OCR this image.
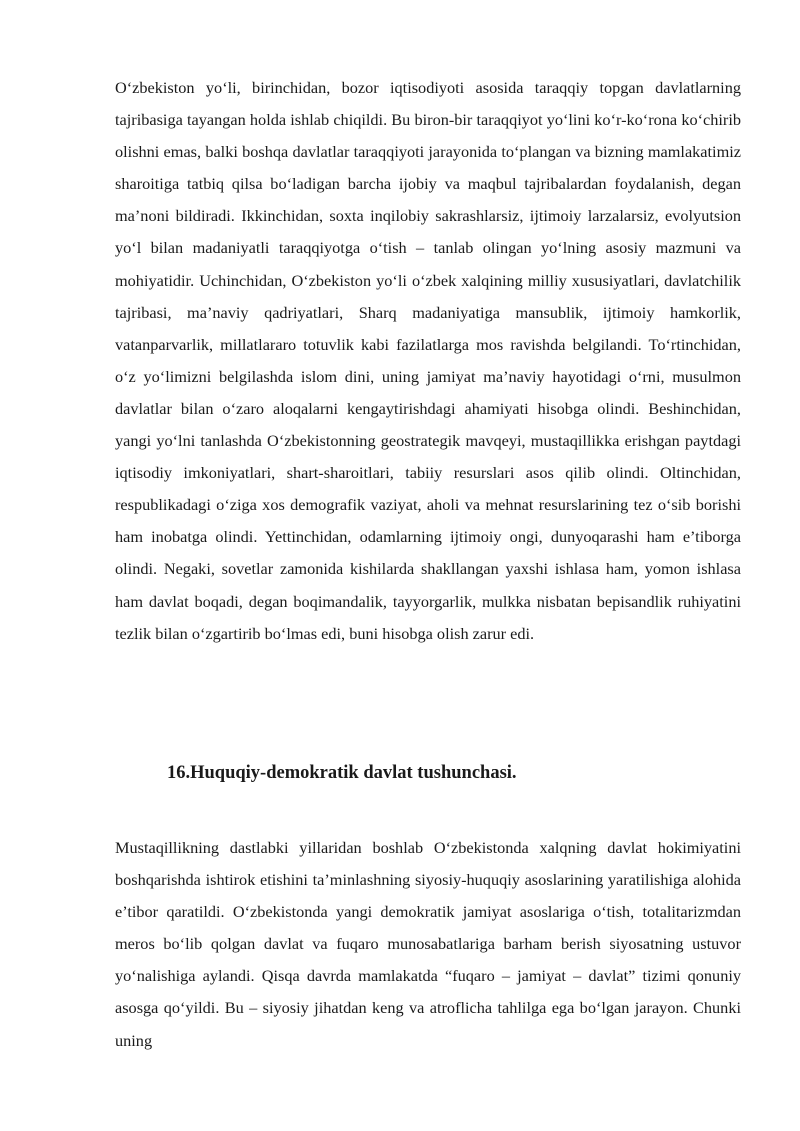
O‘zbekiston yo‘li, birinchidan, bozor iqtisodiyoti asosida taraqqiy topgan davlatlarning tajribasiga tayangan holda ishlab chiqildi. Bu biron-bir taraqqiyot yo‘lini ko‘r-ko‘rona ko‘chirib olishni emas, balki boshqa davlatlar taraqqiyoti jarayonida to‘plangan va bizning mamlakatimiz sharoitiga tatbiq qilsa bo‘ladigan barcha ijobiy va maqbul tajribalardan foydalanish, degan ma’noni bildiradi. Ikkinchidan, soxta inqilobiy sakrashlarsiz, ijtimoiy larzalarsiz, evolyutsion yo‘l bilan madaniyatli taraqqiyotga o‘tish – tanlab olingan yo‘lning asosiy mazmuni va mohiyatidir. Uchinchidan, O‘zbekiston yo‘li o‘zbek xalqining milliy xususiyatlari, davlatchilik tajribasi, ma’naviy qadriyatlari, Sharq madaniyatiga mansublik, ijtimoiy hamkorlik, vatanparvarlik, millatlararo totuvlik kabi fazilatlarga mos ravishda belgilandi. To‘rtinchidan, o‘z yo‘limizni belgilashda islom dini, uning jamiyat ma’naviy hayotidagi o‘rni, musulmon davlatlar bilan o‘zaro aloqalarni kengaytirishdagi ahamiyati hisobga olindi. Beshinchidan, yangi yo‘lni tanlashda O‘zbekistonning geostrategik mavqeyi, mustaqillikka erishgan paytdagi iqtisodiy imkoniyatlari, shart-sharoitlari, tabiiy resurslari asos qilib olindi. Oltinchidan, respublikadagi o‘ziga xos demografik vaziyat, aholi va mehnat resurslarining tez o‘sib borishi ham inobatga olindi. Yettinchidan, odamlarning ijtimoiy ongi, dunyoqarashi ham e’tiborga olindi. Negaki, sovetlar zamonida kishilarda shakllangan yaxshi ishlasa ham, yomon ishlasa ham davlat boqadi, degan boqimandalik, tayyorgarlik, mulkka nisbatan bepisandlik ruhiyatini tezlik bilan o‘zgartirib bo‘lmas edi, buni hisobga olish zarur edi.

16.Huquqiy-demokratik davlat tushunchasi.

Mustaqillikning dastlabki yillaridan boshlab O‘zbekistonda xalqning davlat hokimiyatini boshqarishda ishtirok etishini ta’minlashning siyosiy-huquqiy asoslarining yaratilishiga alohida e’tibor qaratildi. O‘zbekistonda yangi demokratik jamiyat asoslariga o‘tish, totalitarizmdan meros bo‘lib qolgan davlat va fuqaro munosabatlariga barham berish siyosatning ustuvor yo‘nalishiga aylandi. Qisqa davrda mamlakatda “fuqaro – jamiyat – davlat” tizimi qonuniy asosga qo‘yildi. Bu – siyosiy jihatdan keng va atroflicha tahlilga ega bo‘lgan jarayon. Chunki uning
